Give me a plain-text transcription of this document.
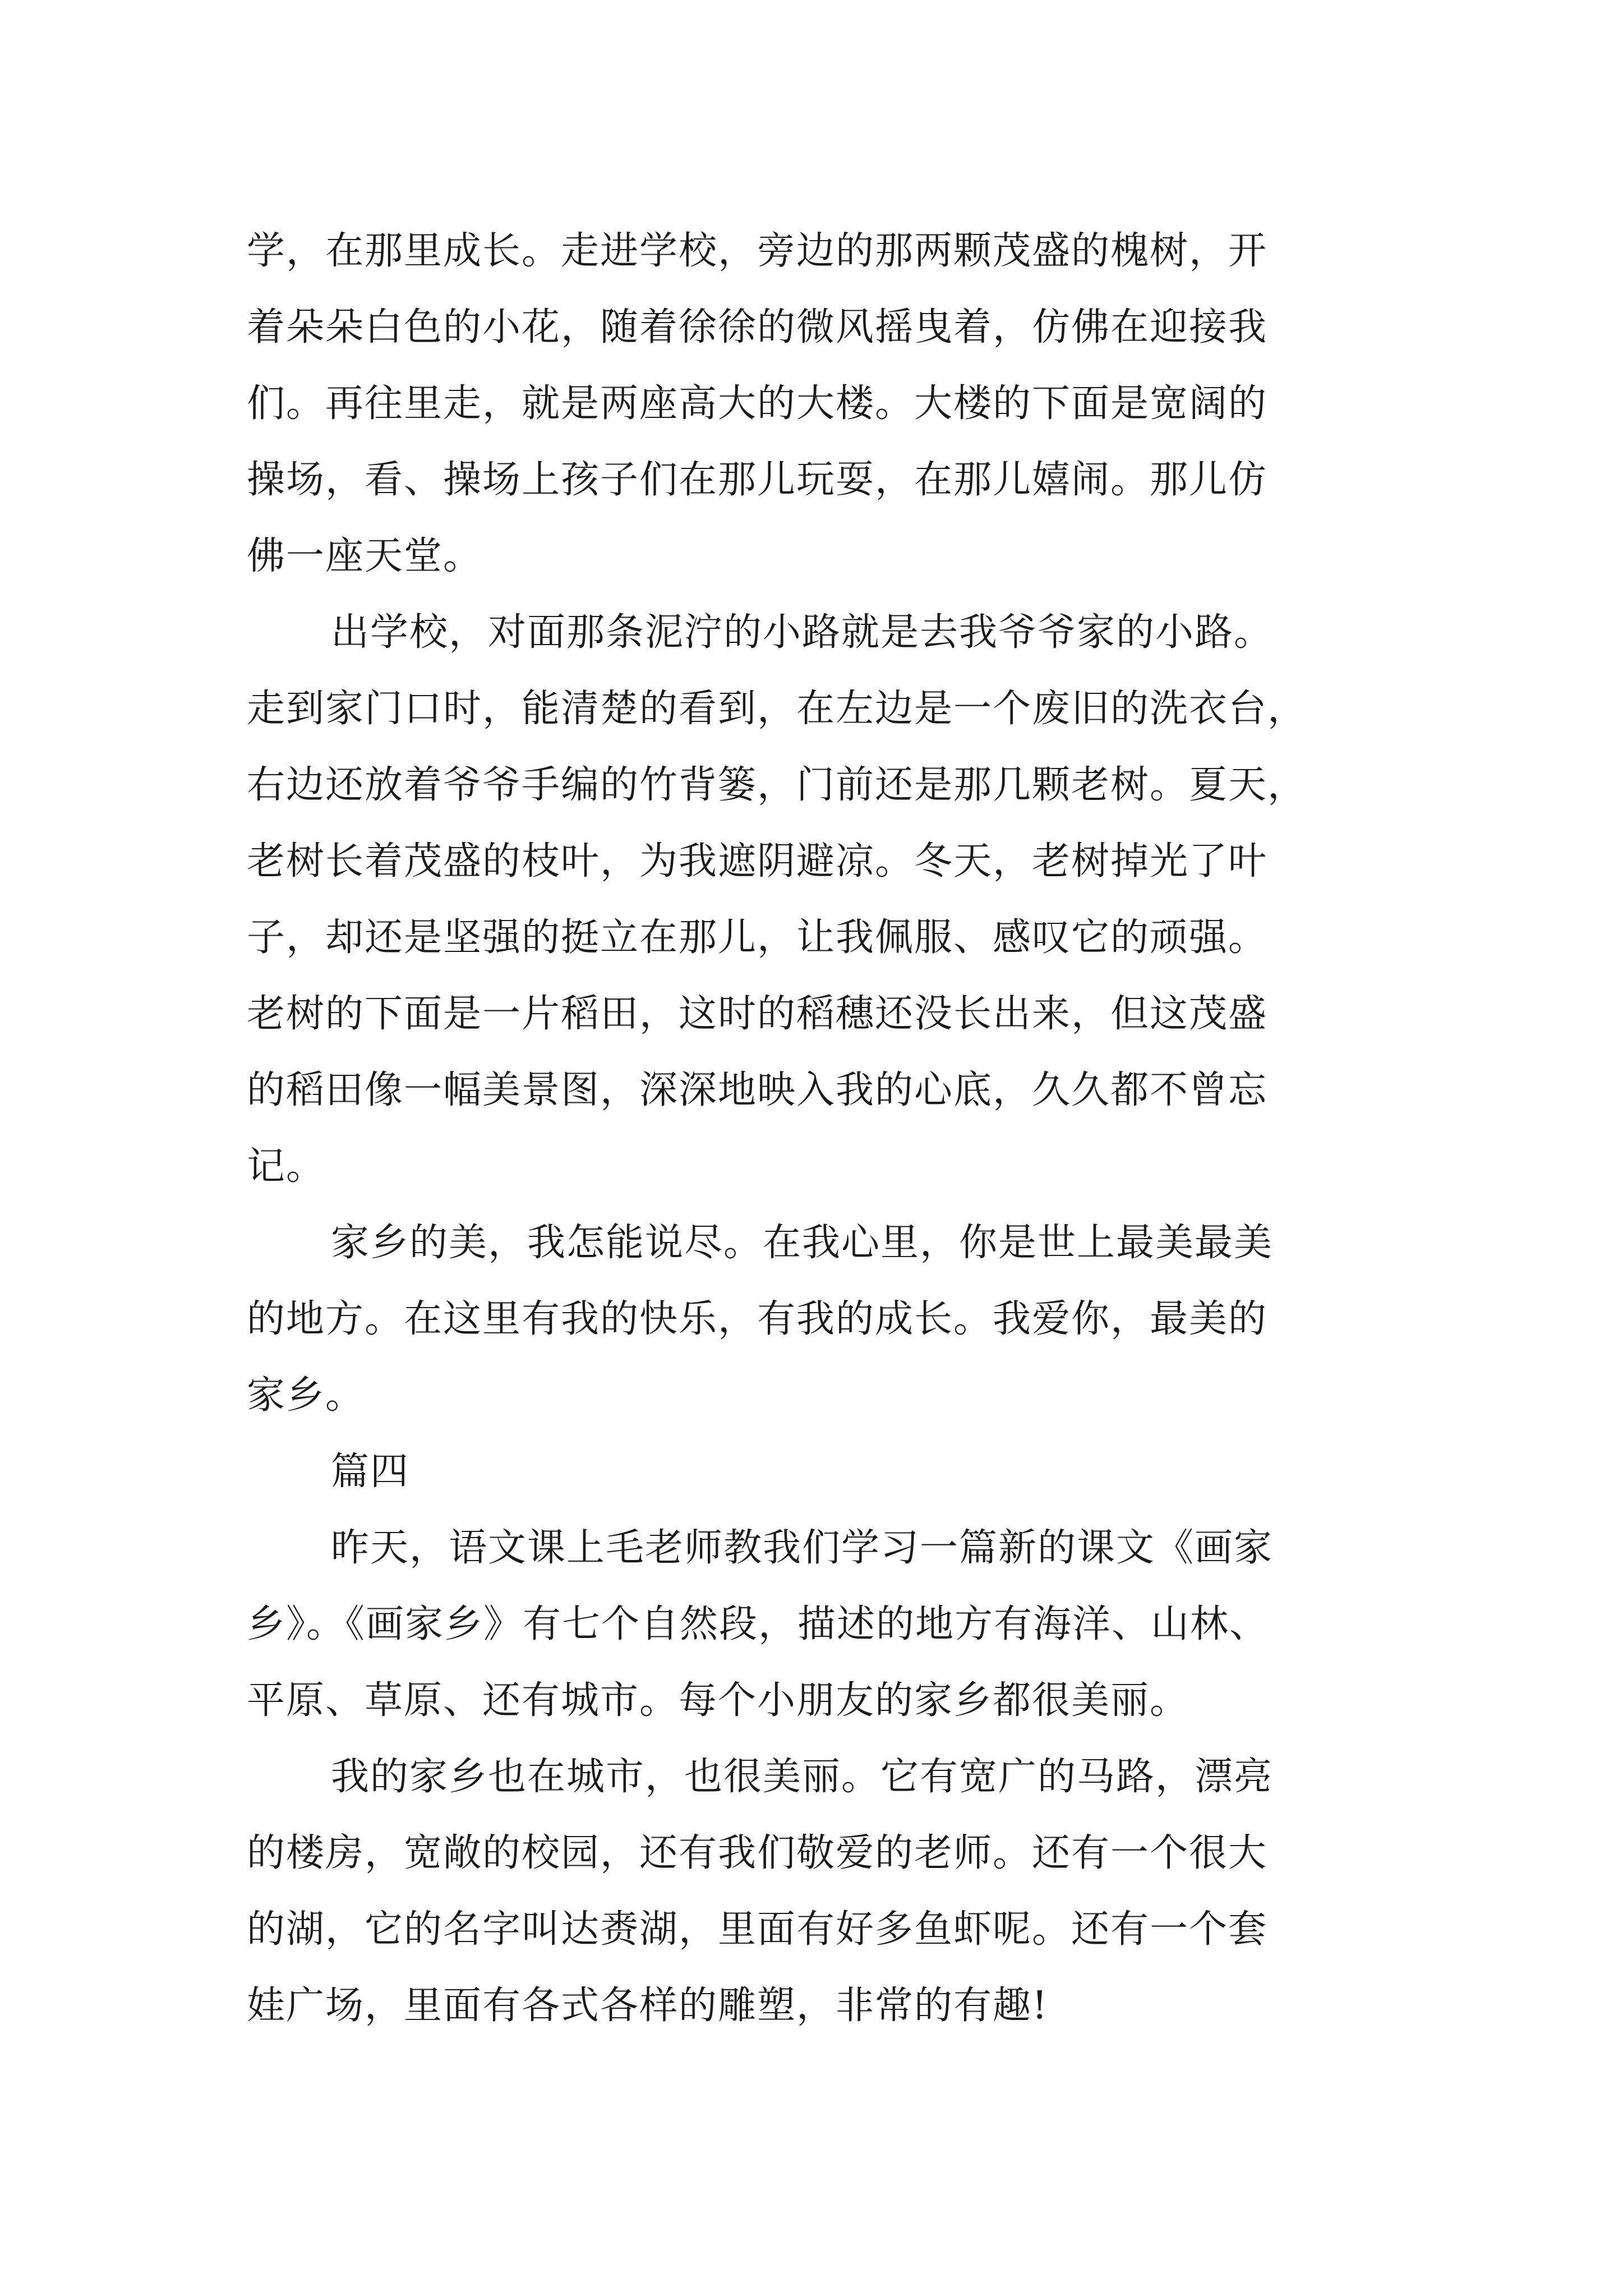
学，在那里成长。走进学校，旁边的那两颗茂盛的槐树，开
着朵朵白色的小花，随着徐徐的微风摇曳着，仿佛在迎接我
们。再往里走，就是两座高大的大楼。大楼的下面是宽阔的
操场，看、操场上孩子们在那儿玩耍，在那儿嬉闹。那儿仿
佛一座天堂。
出学校，对面那条泥泞的小路就是去我爷爷家的小路。
走到家门口时，能清楚的看到，在左边是一个废旧的洗衣台，
右边还放着爷爷手编的竹背篓，门前还是那几颗老树。夏天，
老树长着茂盛的枝叶，为我遮阴避凉。冬天，老树掉光了叶
子，却还是坚强的挺立在那儿，让我佩服、感叹它的顽强。
老树的下面是一片稻田，这时的稻穗还没长出来，但这茂盛
的稻田像一幅美景图，深深地映入我的心底，久久都不曾忘
记。
家乡的美，我怎能说尽。在我心里，你是世上最美最美
的地方。在这里有我的快乐，有我的成长。我爱你，最美的
家乡。
篇四
昨天，语文课上毛老师教我们学习一篇新的课文《画家
乡》。《画家乡》有七个自然段，描述的地方有海洋、山林、
平原、草原、还有城市。每个小朋友的家乡都很美丽。
我的家乡也在城市，也很美丽。它有宽广的马路，漂亮
的楼房，宽敞的校园，还有我们敬爱的老师。还有一个很大
的湖，它的名字叫达赉湖，里面有好多鱼虾呢。还有一个套
娃广场，里面有各式各样的雕塑，非常的有趣!
